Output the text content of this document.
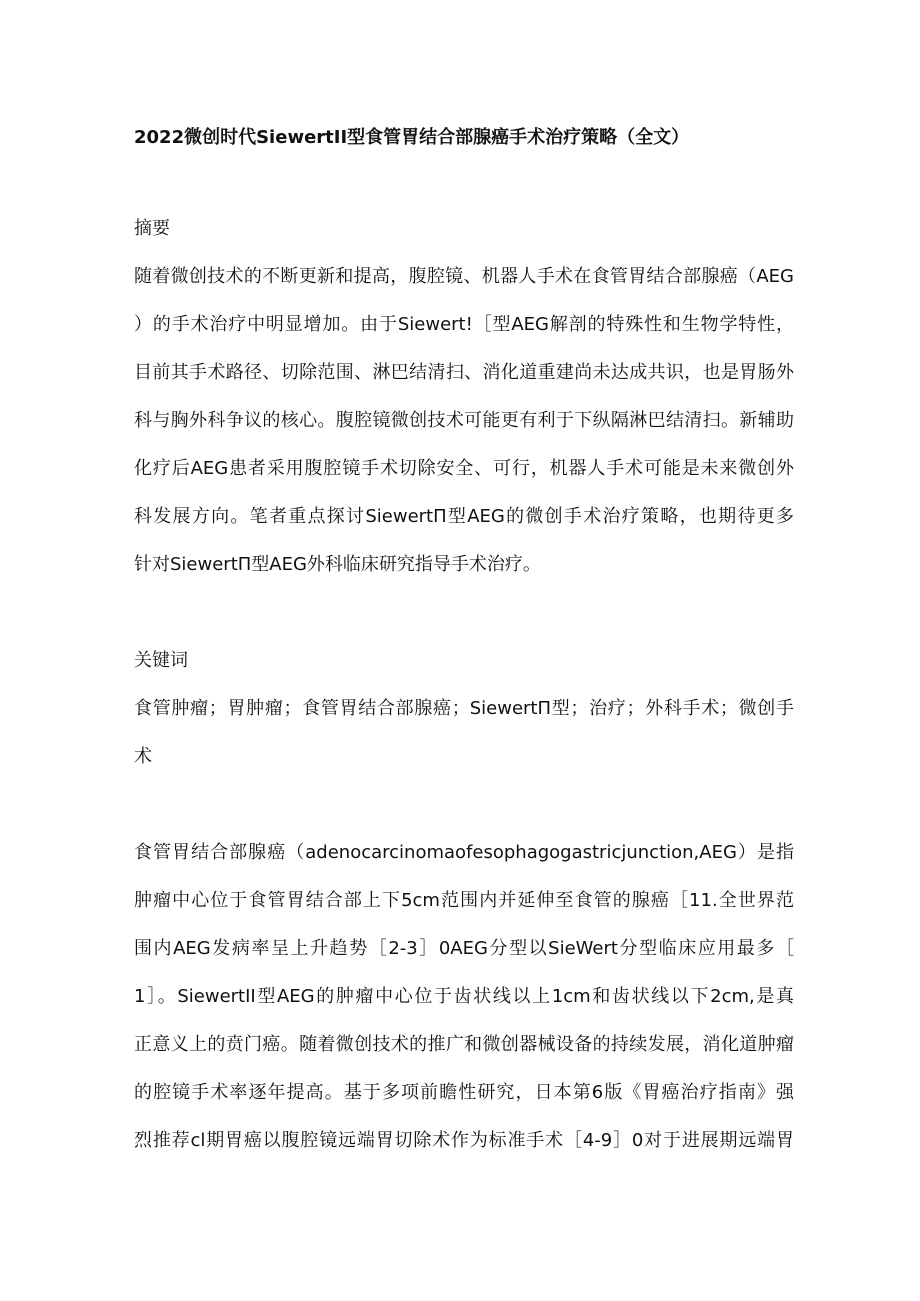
2022微创时代SiewertII型食管胃结合部腺癌手术治疗策略（全文）
摘要
随着微创技术的不断更新和提高，腹腔镜、机器人手术在食管胃结合部腺癌（AEG
）的手术治疗中明显增加。由于Siewert!［型AEG解剖的特殊性和生物学特性，
目前其手术路径、切除范围、淋巴结清扫、消化道重建尚未达成共识，也是胃肠外
科与胸外科争议的核心。腹腔镜微创技术可能更有利于下纵隔淋巴结清扫。新辅助
化疗后AEG患者采用腹腔镜手术切除安全、可行，机器人手术可能是未来微创外
科发展方向。笔者重点探讨SiewertΠ型AEG的微创手术治疗策略，也期待更多
针对SiewertΠ型AEG外科临床研究指导手术治疗。
关键词
食管肿瘤；胃肿瘤；食管胃结合部腺癌；SiewertΠ型；治疗；外科手术；微创手
术
食管胃结合部腺癌（adenocarcinomaofesophagogastricjunction,AEG）是指
肿瘤中心位于食管胃结合部上下5cm范围内并延伸至食管的腺癌［11.全世界范
围内AEG发病率呈上升趋势［2-3］0AEG分型以SieWert分型临床应用最多［
1］。SiewertII型AEG的肿瘤中心位于齿状线以上1cm和齿状线以下2cm,是真
正意义上的贲门癌。随着微创技术的推广和微创器械设备的持续发展，消化道肿瘤
的腔镜手术率逐年提高。基于多项前瞻性研究，日本第6版《胃癌治疗指南》强
烈推荐cl期胃癌以腹腔镜远端胃切除术作为标准手术［4-9］0对于进展期远端胃
